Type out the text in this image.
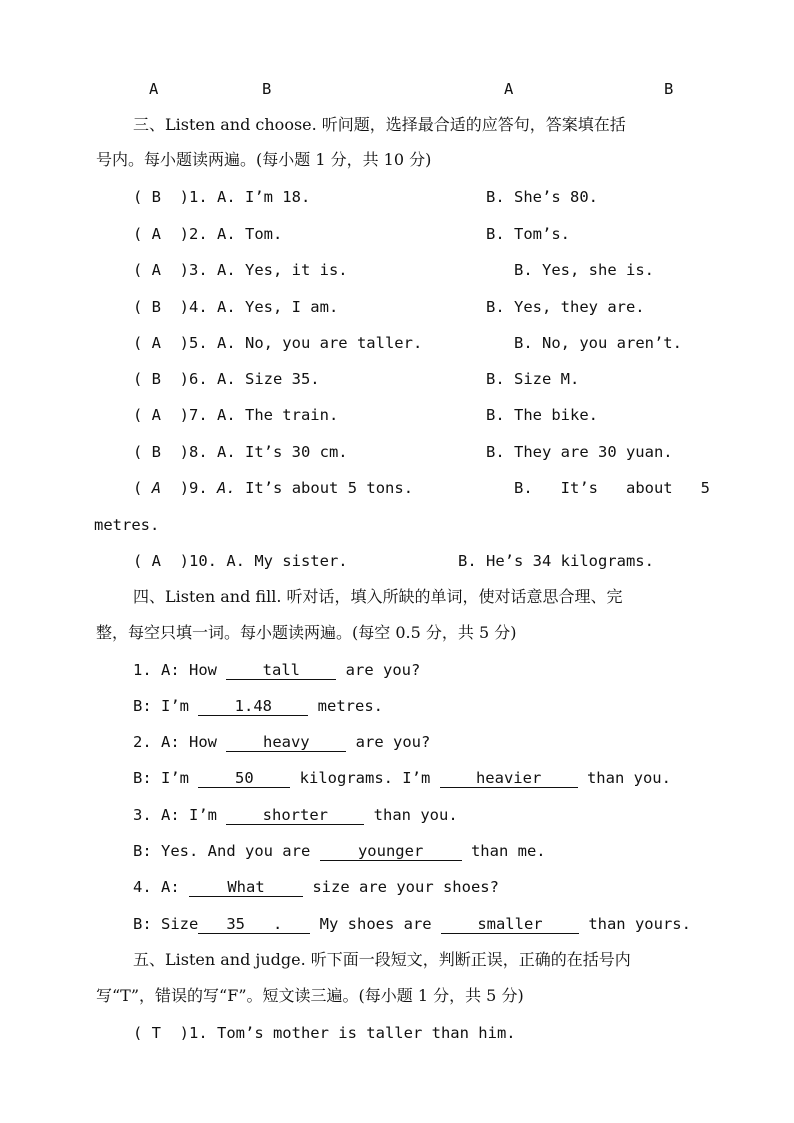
A	B	A	B
三、Listen and choose. 听问题，选择最合适的应答句，答案填在括
号内。每小题读两遍。(每小题 1 分，共 10 分)
( B  )1. A. I’m 18.	B. She’s 80.
( A  )2. A. Tom.	B. Tom’s.
( A  )3. A. Yes, it is.	B. Yes, she is.
( B  )4. A. Yes, I am.	B. Yes, they are.
( A  )5. A. No, you are taller.	B. No, you aren’t.
( B  )6. A. Size 35.	B. Size M.
( A  )7. A. The train.	B. The bike.
( B  )8. A. It’s 30 cm.	B. They are 30 yuan.
( A )9. A. It’s about 5 tons.	B.   It’s   about   5
metres.
( A  )10. A. My sister.	B. He’s 34 kilograms.
四、Listen and fill. 听对话，填入所缺的单词，使对话意思合理、完
整，每空只填一词。每小题读两遍。(每空 0.5 分，共 5 分)
1. A: How tall are you?
B: I’m 1.48 metres.
2. A: How heavy are you?
B: I’m 50 kilograms. I’m heavier than you.
3. A: I’m shorter than you.
B: Yes. And you are younger than me.
4. A: What size are your shoes?
B: Size 35   . My shoes are smaller than yours.
五、Listen and judge. 听下面一段短文，判断正误，正确的在括号内
写“T”，错误的写“F”。短文读三遍。(每小题 1 分，共 5 分)
( T  )1. Tom’s mother is taller than him.
